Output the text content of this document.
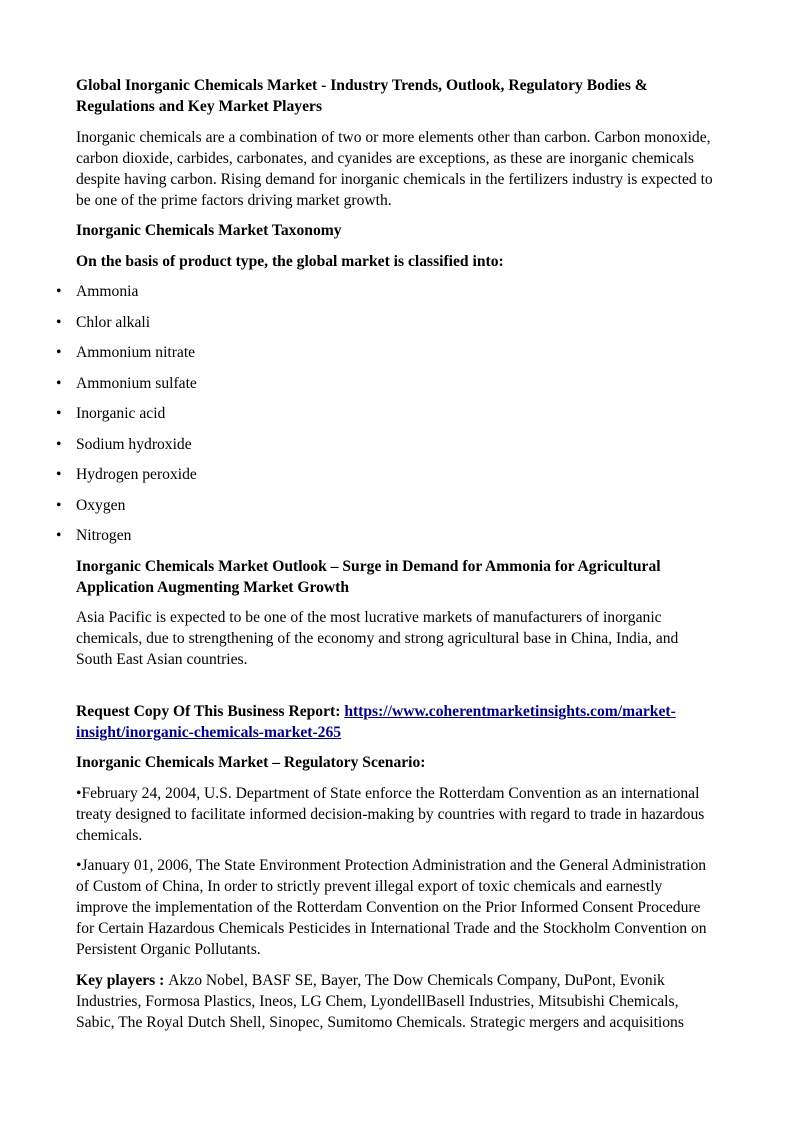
Global Inorganic Chemicals Market - Industry Trends, Outlook, Regulatory Bodies & Regulations and Key Market Players

Inorganic chemicals are a combination of two or more elements other than carbon. Carbon monoxide, carbon dioxide, carbides, carbonates, and cyanides are exceptions, as these are inorganic chemicals despite having carbon. Rising demand for inorganic chemicals in the fertilizers industry is expected to be one of the prime factors driving market growth.

Inorganic Chemicals Market Taxonomy

On the basis of product type, the global market is classified into:

• Ammonia
• Chlor alkali
• Ammonium nitrate
• Ammonium sulfate
• Inorganic acid
• Sodium hydroxide
• Hydrogen peroxide
• Oxygen
• Nitrogen

Inorganic Chemicals Market Outlook – Surge in Demand for Ammonia for Agricultural Application Augmenting Market Growth

Asia Pacific is expected to be one of the most lucrative markets of manufacturers of inorganic chemicals, due to strengthening of the economy and strong agricultural base in China, India, and South East Asian countries.

Request Copy Of This Business Report: https://www.coherentmarketinsights.com/market-insight/inorganic-chemicals-market-265

Inorganic Chemicals Market – Regulatory Scenario:

•February 24, 2004, U.S. Department of State enforce the Rotterdam Convention as an international treaty designed to facilitate informed decision-making by countries with regard to trade in hazardous chemicals.

•January 01, 2006, The State Environment Protection Administration and the General Administration of Custom of China, In order to strictly prevent illegal export of toxic chemicals and earnestly improve the implementation of the Rotterdam Convention on the Prior Informed Consent Procedure for Certain Hazardous Chemicals Pesticides in International Trade and the Stockholm Convention on Persistent Organic Pollutants.

Key players : Akzo Nobel, BASF SE, Bayer, The Dow Chemicals Company, DuPont, Evonik Industries, Formosa Plastics, Ineos, LG Chem, LyondellBasell Industries, Mitsubishi Chemicals, Sabic, The Royal Dutch Shell, Sinopec, Sumitomo Chemicals. Strategic mergers and acquisitions
